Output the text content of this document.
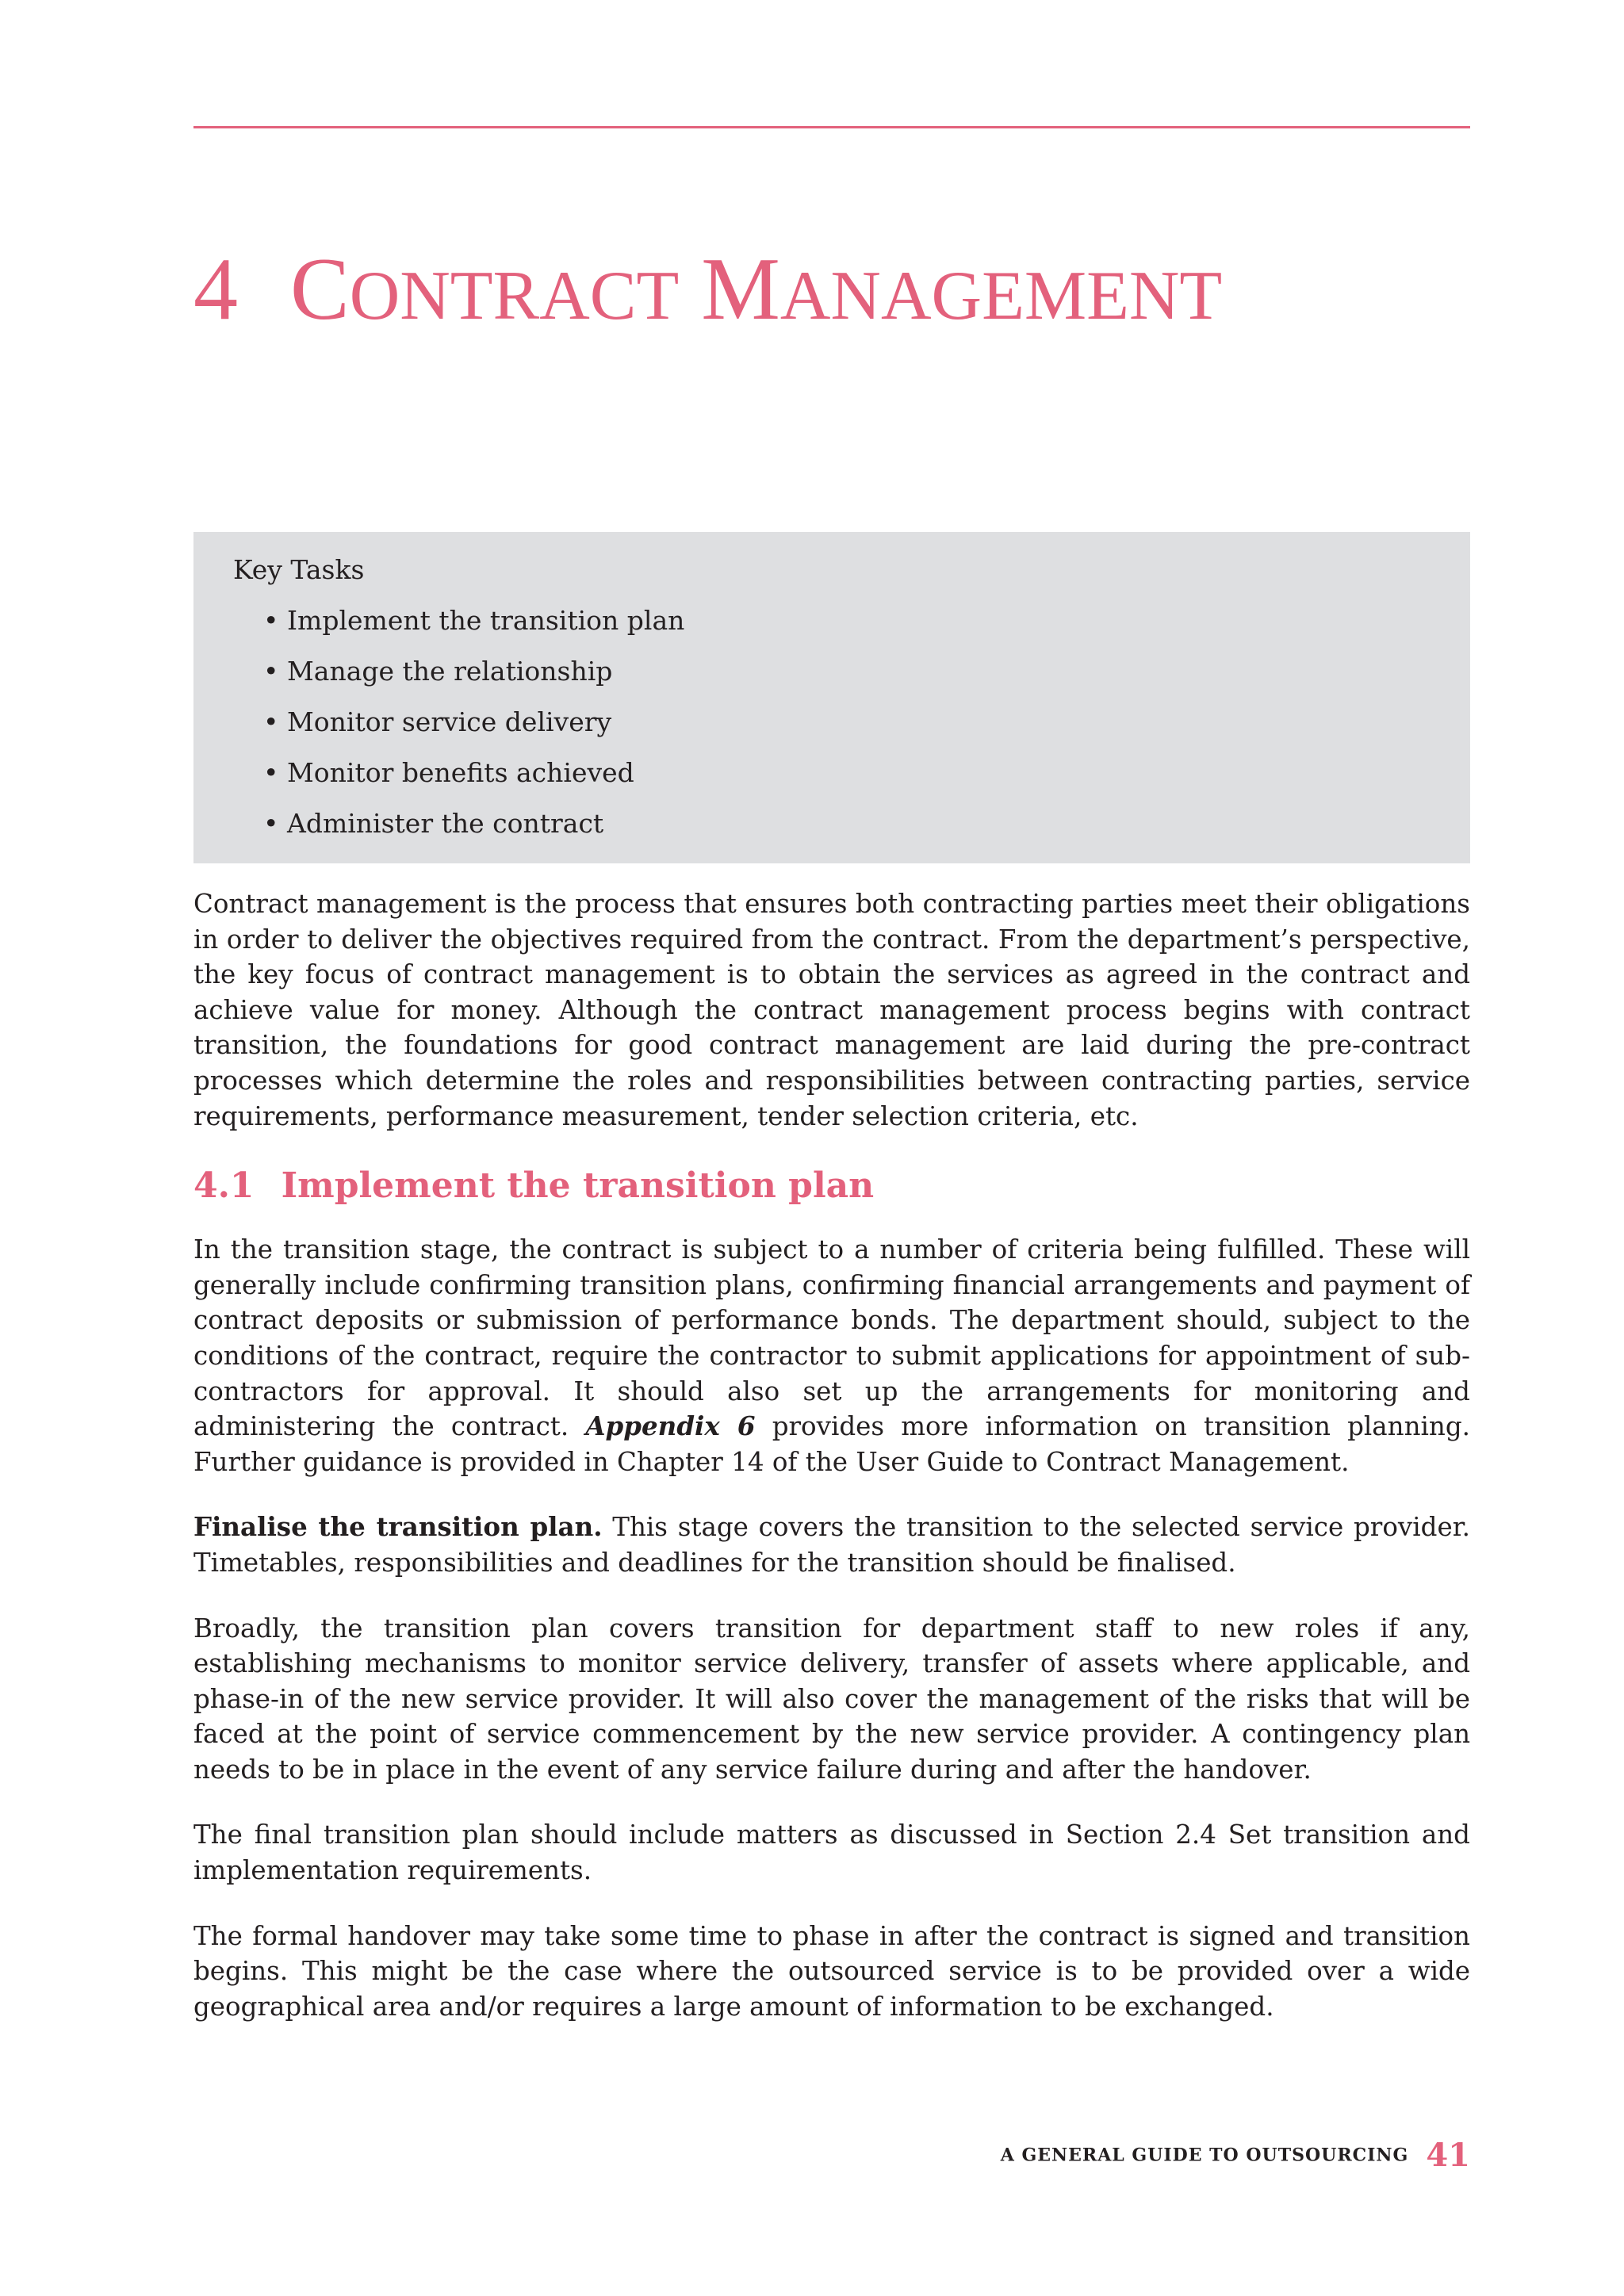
4 CONTRACT MANAGEMENT
Key Tasks
• Implement the transition plan
• Manage the relationship
• Monitor service delivery
• Monitor benefits achieved
• Administer the contract

Contract management is the process that ensures both contracting parties meet their obligations in order to deliver the objectives required from the contract. From the department’s perspective, the key focus of contract management is to obtain the services as agreed in the contract and achieve value for money. Although the contract management process begins with contract transition, the foundations for good contract management are laid during the pre-contract processes which determine the roles and responsibilities between contracting parties, service requirements, performance measurement, tender selection criteria, etc.

4.1 Implement the transition plan

In the transition stage, the contract is subject to a number of criteria being fulfilled. These will generally include confirming transition plans, confirming financial arrangements and payment of contract deposits or submission of performance bonds. The department should, subject to the conditions of the contract, require the contractor to submit applications for appointment of sub-contractors for approval. It should also set up the arrangements for monitoring and administering the contract. Appendix 6 provides more information on transition planning. Further guidance is provided in Chapter 14 of the User Guide to Contract Management.

Finalise the transition plan. This stage covers the transition to the selected service provider. Timetables, responsibilities and deadlines for the transition should be finalised.

Broadly, the transition plan covers transition for department staff to new roles if any, establishing mechanisms to monitor service delivery, transfer of assets where applicable, and phase-in of the new service provider. It will also cover the management of the risks that will be faced at the point of service commencement by the new service provider. A contingency plan needs to be in place in the event of any service failure during and after the handover.

The final transition plan should include matters as discussed in Section 2.4 Set transition and implementation requirements.

The formal handover may take some time to phase in after the contract is signed and transition begins. This might be the case where the outsourced service is to be provided over a wide geographical area and/or requires a large amount of information to be exchanged.

A GENERAL GUIDE TO OUTSOURCING 41
